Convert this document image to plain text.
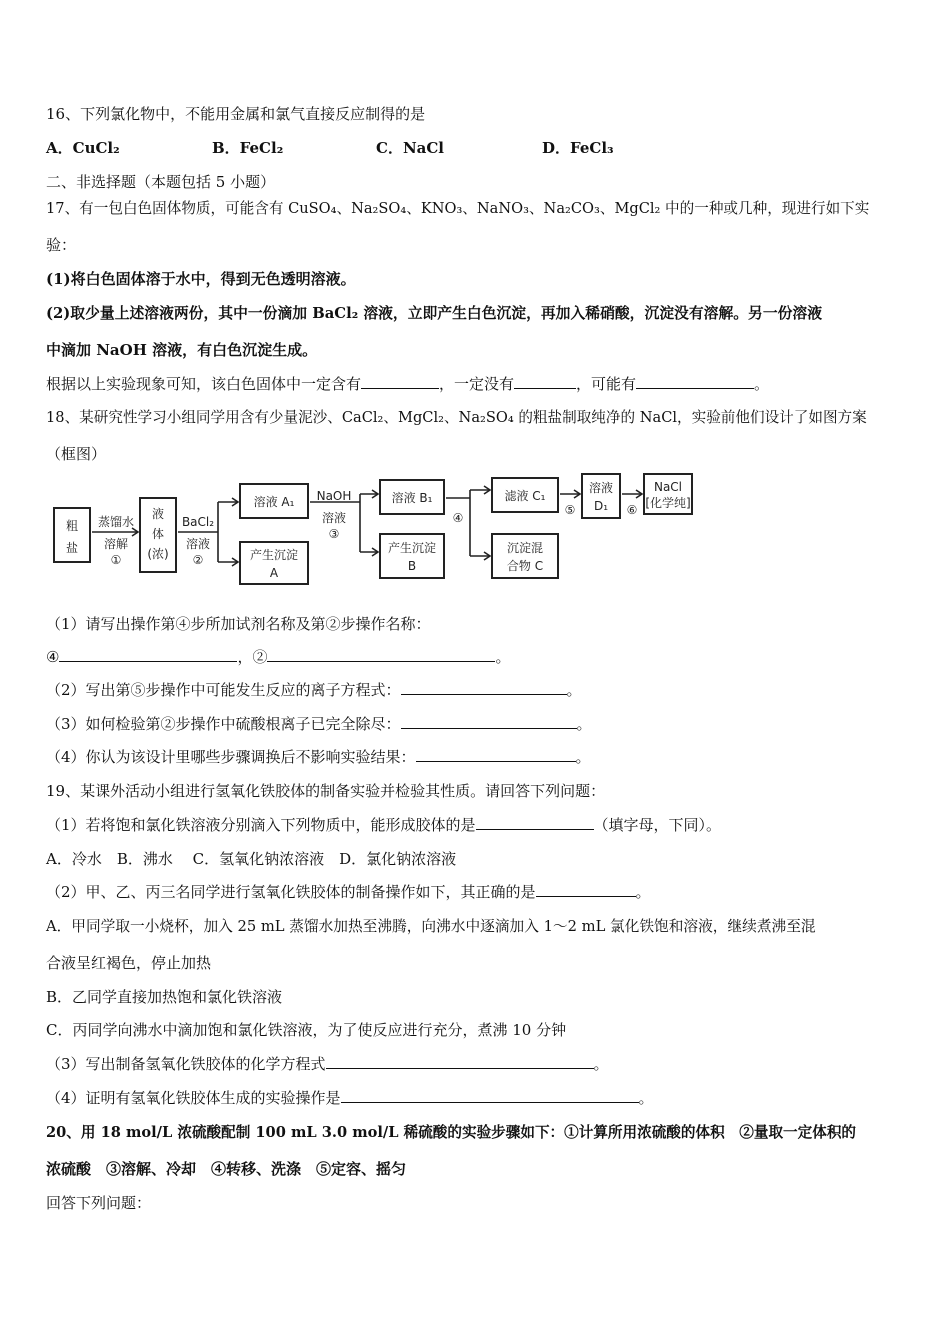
16、下列氯化物中，不能用金属和氯气直接反应制得的是
A．CuCl₂	B．FeCl₂	C．NaCl	D．FeCl₃
二、非选择题（本题包括 5 小题）
17、有一包白色固体物质，可能含有 CuSO₄、Na₂SO₄、KNO₃、NaNO₃、Na₂CO₃、MgCl₂ 中的一种或几种，现进行如下实
验：
(1)将白色固体溶于水中，得到无色透明溶液。
(2)取少量上述溶液两份，其中一份滴加 BaCl₂ 溶液，立即产生白色沉淀，再加入稀硝酸，沉淀没有溶解。另一份溶液
中滴加 NaOH 溶液，有白色沉淀生成。
根据以上实验现象可知，该白色固体中一定含有	，一定没有	，可能有	。
18、某研究性学习小组同学用含有少量泥沙、CaCl₂、MgCl₂、Na₂SO₄ 的粗盐制取纯净的 NaCl，实验前他们设计了如图方案
（框图）
粗
盐
蒸馏水
溶解
①
液
体
(浓)
BaCl₂
溶液
②
溶液 A₁
产生沉淀
A
NaOH
溶液
③
溶液 B₁
产生沉淀
B
④
滤液 C₁
沉淀混
合物 C
⑤
溶液
D₁ ⑥
NaCl
[化学纯]
（1）请写出操作第④步所加试剂名称及第②步操作名称：
④	，②	。
（2）写出第⑤步操作中可能发生反应的离子方程式：	。
（3）如何检验第②步操作中硫酸根离子已完全除尽：	。
（4）你认为该设计里哪些步骤调换后不影响实验结果：	。
19、某课外活动小组进行氢氧化铁胶体的制备实验并检验其性质。请回答下列问题：
（1）若将饱和氯化铁溶液分别滴入下列物质中，能形成胶体的是	（填字母，下同）。
A．冷水　B．沸水　 C．氢氧化钠浓溶液　D．氯化钠浓溶液
（2）甲、乙、丙三名同学进行氢氧化铁胶体的制备操作如下，其正确的是	。
A．甲同学取一小烧杯，加入 25 mL 蒸馏水加热至沸腾，向沸水中逐滴加入 1～2 mL 氯化铁饱和溶液，继续煮沸至混
合液呈红褐色，停止加热
B．乙同学直接加热饱和氯化铁溶液
C．丙同学向沸水中滴加饱和氯化铁溶液，为了使反应进行充分，煮沸 10 分钟
（3）写出制备氢氧化铁胶体的化学方程式	。
（4）证明有氢氧化铁胶体生成的实验操作是	。
20、用 18 mol/L 浓硫酸配制 100 mL 3.0 mol/L 稀硫酸的实验步骤如下：①计算所用浓硫酸的体积　②量取一定体积的
浓硫酸　③溶解、冷却　④转移、洗涤　⑤定容、摇匀
回答下列问题：
